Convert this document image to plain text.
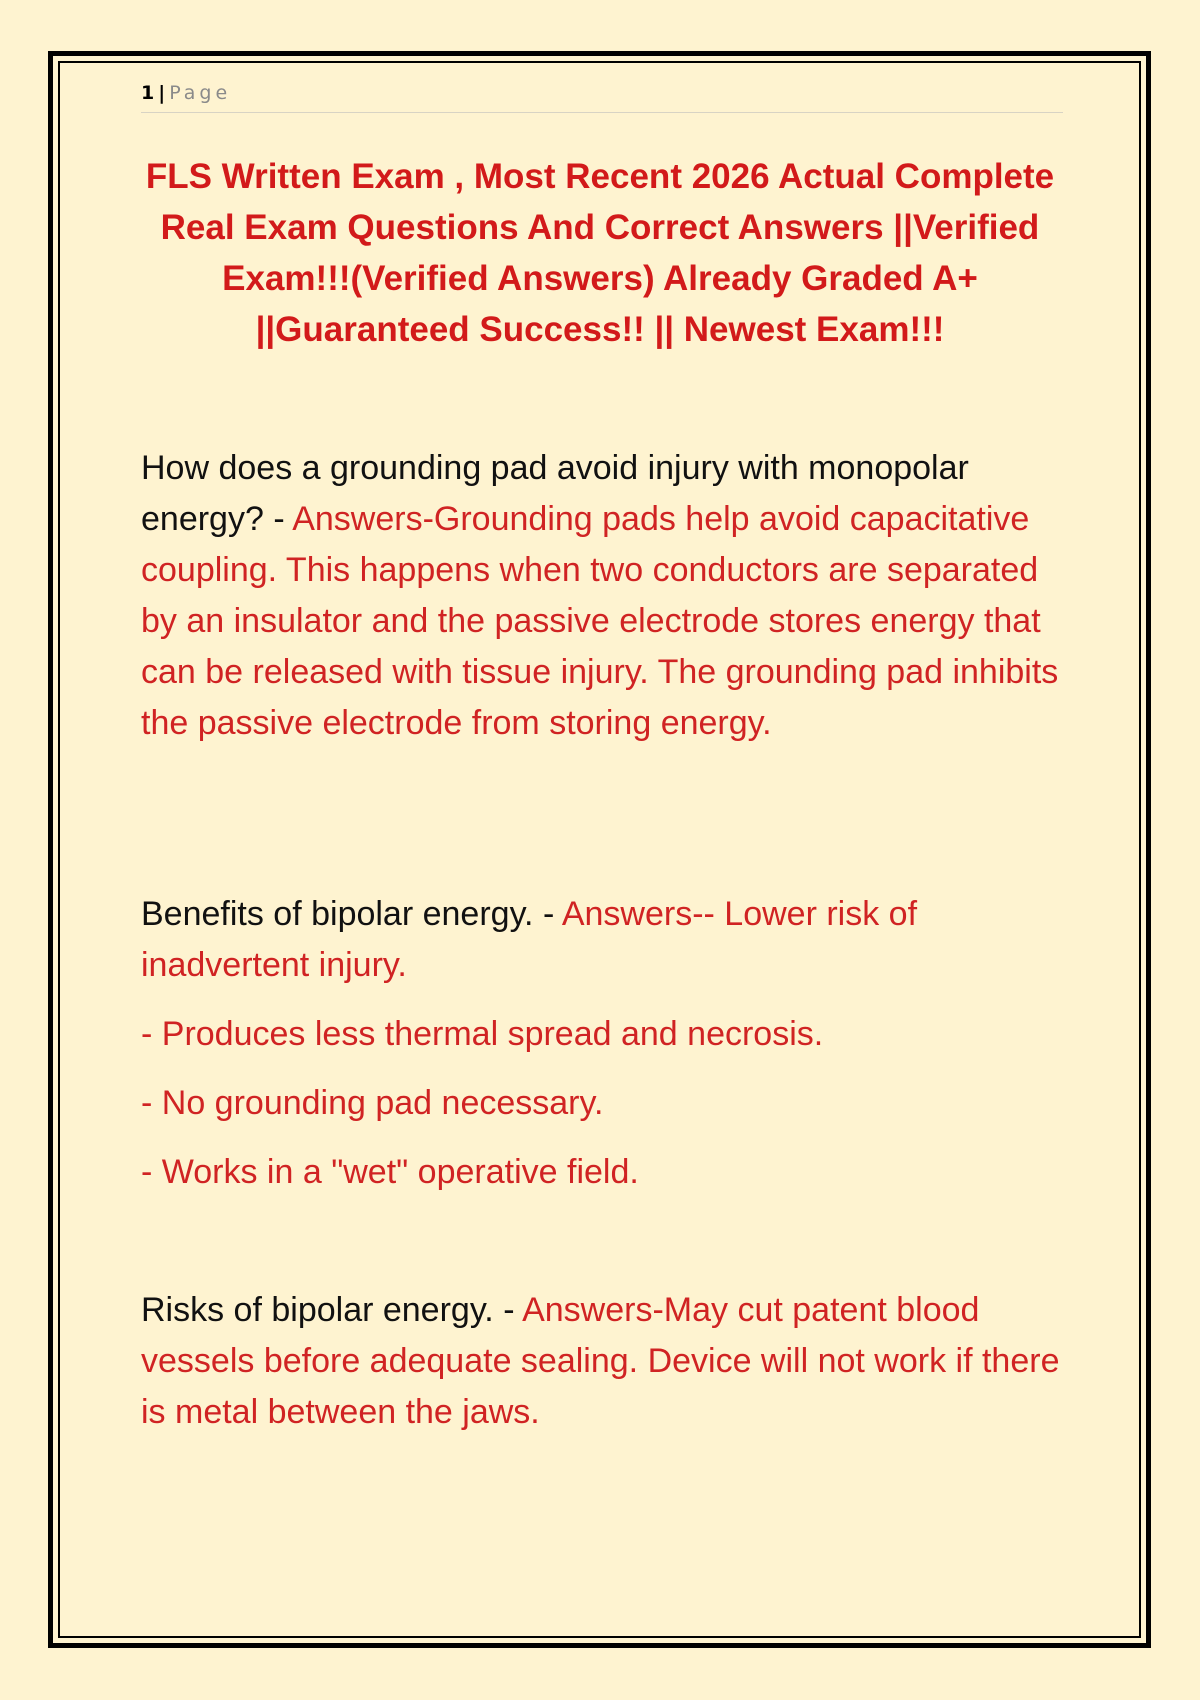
1 | Page
FLS Written Exam , Most Recent 2026 Actual Complete Real Exam Questions And Correct Answers ||Verified Exam!!!(Verified Answers) Already Graded A+ ||Guaranteed Success!! || Newest Exam!!!

How does a grounding pad avoid injury with monopolar energy? - Answers-Grounding pads help avoid capacitative coupling. This happens when two conductors are separated by an insulator and the passive electrode stores energy that can be released with tissue injury. The grounding pad inhibits the passive electrode from storing energy.

Benefits of bipolar energy. - Answers-- Lower risk of inadvertent injury.

- Produces less thermal spread and necrosis.

- No grounding pad necessary.

- Works in a "wet" operative field.

Risks of bipolar energy. - Answers-May cut patent blood vessels before adequate sealing. Device will not work if there is metal between the jaws.
